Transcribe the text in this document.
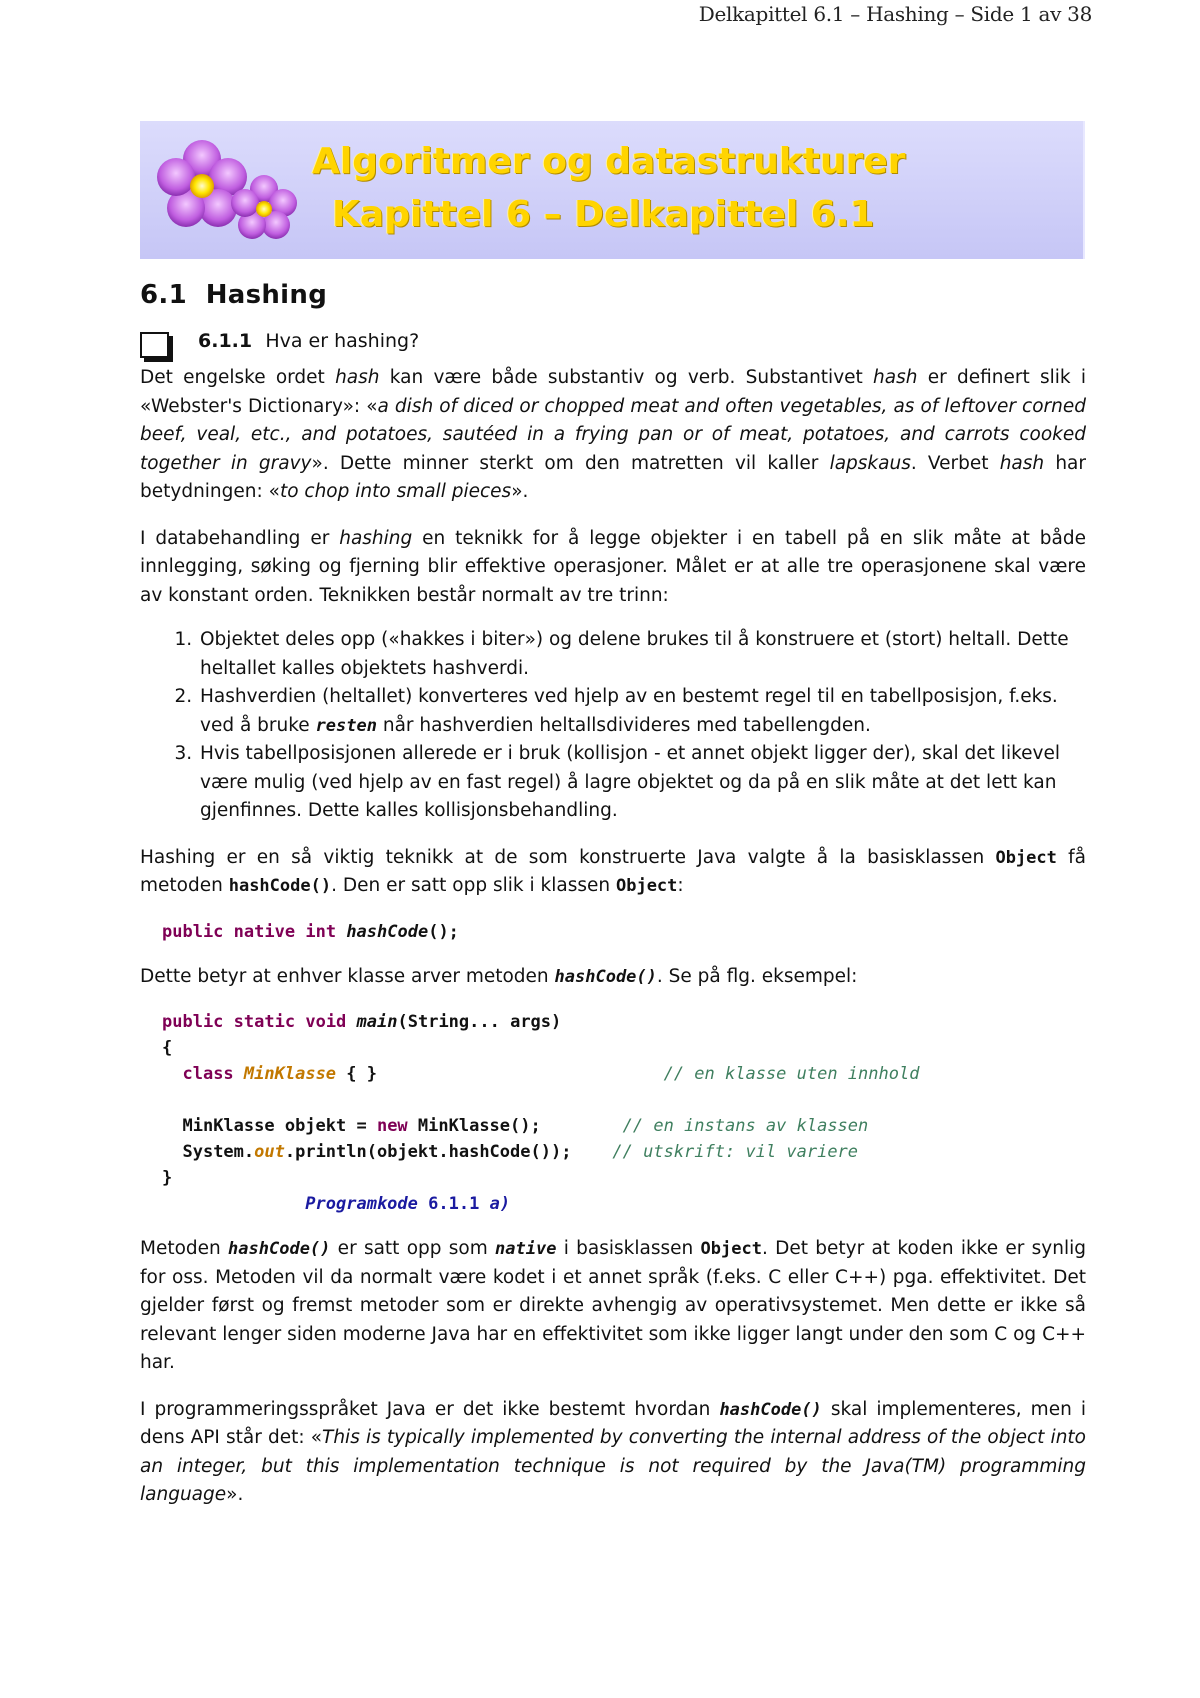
Delkapittel 6.1 – Hashing – Side 1 av 38
Algoritmer og datastrukturer
Kapittel 6 – Delkapittel 6.1
6.1 Hashing
6.1.1 Hva er hashing?

Det engelske ordet hash kan være både substantiv og verb. Substantivet hash er definert slik i «Webster's Dictionary»: «a dish of diced or chopped meat and often vegetables, as of leftover corned beef, veal, etc., and potatoes, sautéed in a frying pan or of meat, potatoes, and carrots cooked together in gravy». Dette minner sterkt om den matretten vil kaller lapskaus. Verbet hash har betydningen: «to chop into small pieces».

I databehandling er hashing en teknikk for å legge objekter i en tabell på en slik måte at både innlegging, søking og fjerning blir effektive operasjoner. Målet er at alle tre operasjonene skal være av konstant orden. Teknikken består normalt av tre trinn:

1. Objektet deles opp («hakkes i biter») og delene brukes til å konstruere et (stort) heltall. Dette heltallet kalles objektets hashverdi.
2. Hashverdien (heltallet) konverteres ved hjelp av en bestemt regel til en tabellposisjon, f.eks. ved å bruke resten når hashverdien heltallsdivideres med tabellengden.
3. Hvis tabellposisjonen allerede er i bruk (kollisjon - et annet objekt ligger der), skal det likevel være mulig (ved hjelp av en fast regel) å lagre objektet og da på en slik måte at det lett kan gjenfinnes. Dette kalles kollisjonsbehandling.

Hashing er en så viktig teknikk at de som konstruerte Java valgte å la basisklassen Object få metoden hashCode(). Den er satt opp slik i klassen Object:

public native int hashCode();

Dette betyr at enhver klasse arver metoden hashCode(). Se på flg. eksempel:

public static void main(String... args)
{
class MinKlasse { }	// en klasse uten innhold

MinKlasse objekt = new MinKlasse();	// en instans av klassen
System.out.println(objekt.hashCode()); // utskrift: vil variere
}
Programkode 6.1.1 a)

Metoden hashCode() er satt opp som native i basisklassen Object. Det betyr at koden ikke er synlig for oss. Metoden vil da normalt være kodet i et annet språk (f.eks. C eller C++) pga. effektivitet. Det gjelder først og fremst metoder som er direkte avhengig av operativsystemet. Men dette er ikke så relevant lenger siden moderne Java har en effektivitet som ikke ligger langt under den som C og C++ har.

I programmeringsspråket Java er det ikke bestemt hvordan hashCode() skal implementeres, men i dens API står det: «This is typically implemented by converting the internal address of the object into an integer, but this implementation technique is not required by the Java(TM) programming language».
